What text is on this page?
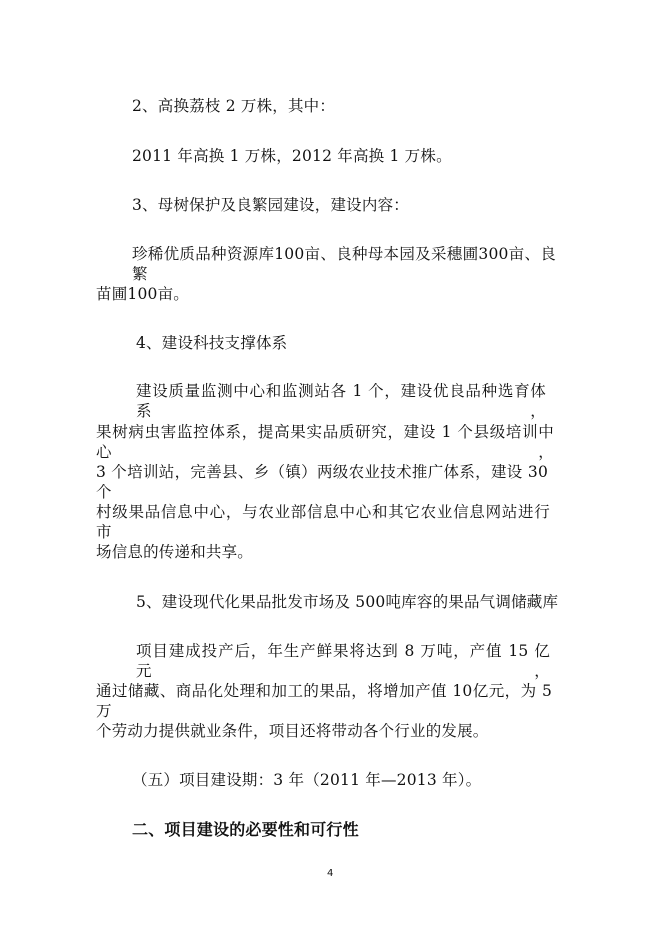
2、高换荔枝 2 万株，其中：
2011 年高换 1 万株，2012 年高换 1 万株。
3、母树保护及良繁园建设，建设内容：
珍稀优质品种资源库100亩、良种母本园及采穗圃300亩、良繁
苗圃100亩。
4、建设科技支撑体系
建设质量监测中心和监测站各 1 个，建设优良品种选育体系，
果树病虫害监控体系，提高果实品质研究，建设 1 个县级培训中心，
3 个培训站，完善县、乡（镇）两级农业技术推广体系，建设 30 个
村级果品信息中心，与农业部信息中心和其它农业信息网站进行市
场信息的传递和共享。
5、建设现代化果品批发市场及 500吨库容的果品气调储藏库
项目建成投产后，年生产鲜果将达到 8 万吨，产值 15 亿元，
通过储藏、商品化处理和加工的果品，将增加产值 10亿元，为 5 万
个劳动力提供就业条件，项目还将带动各个行业的发展。
（五）项目建设期：3 年（2011 年—2013 年）。
二、项目建设的必要性和可行性
4
